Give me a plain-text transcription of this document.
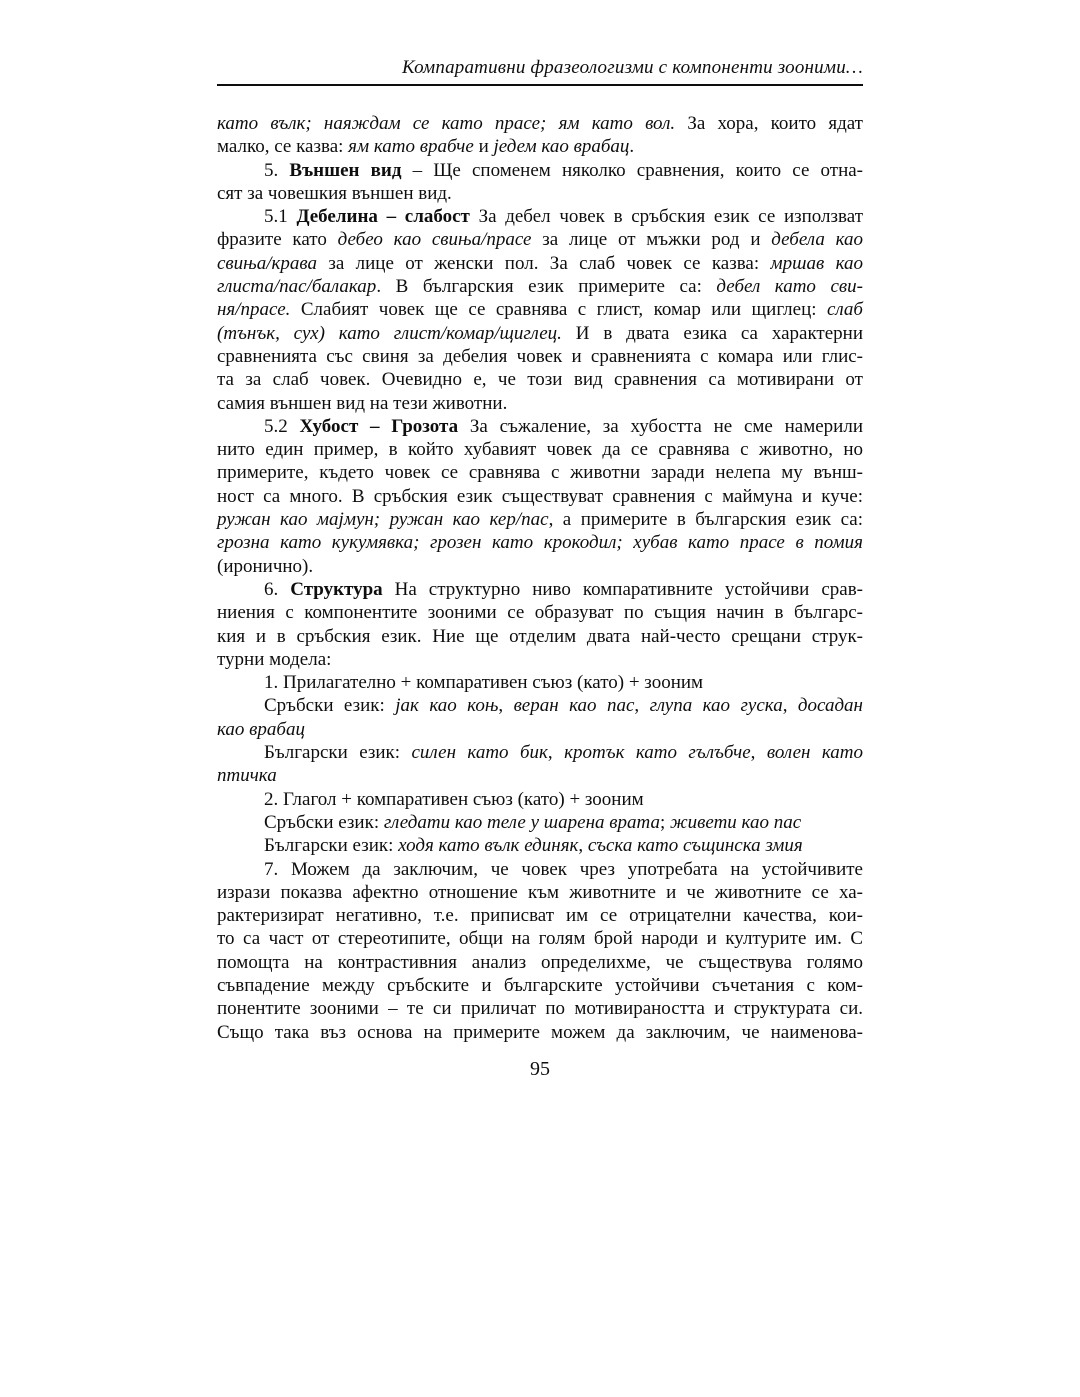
Компаративни фразеологизми с компоненти зооними…
като вълк; наяждам се като прасе; ям като вол. За хора, които ядат
малко, се казва: ям като врабче и једем као врабац.
5. Външен вид – Ще споменем няколко сравнения, които се отна-
сят за човешкия външен вид.
5.1 Дебелина – слабост За дебел човек в сръбския език се използват
фразите като дебео као свиња/прасе за лице от мъжки род и дебела као
свиња/крава за лице от женски пол. За слаб човек се казва: мршав као
глиста/пас/балакар. В българския език примерите са: дебел като сви-
ня/прасе. Слабият човек ще се сравнява с глист, комар или щиглец: слаб
(тънък, сух) като глист/комар/щиглец. И в двата езика са характерни
сравненията със свиня за дебелия човек и сравненията с комара или глис-
та за слаб човек. Очевидно е, че този вид сравнения са мотивирани от
самия външен вид на тези животни.
5.2 Хубост – Грозота За съжаление, за хубостта не сме намерили
нито един пример, в който хубавият човек да се сравнява с животно, но
примерите, където човек се сравнява с животни заради нелепа му външ-
ност са много. В сръбския език съществуват сравнения с маймуна и куче:
ружан као мајмун; ружан као кер/пас, а примерите в българския език са:
грозна като кукумявка; грозен като крокодил; хубав като прасе в помия
(иронично).
6. Структура На структурно ниво компаративните устойчиви срав-
ниения с компонентите зооними се образуват по същия начин в българс-
кия и в сръбския език. Ние ще отделим двата най-често срещани струк-
турни модела:
1. Прилагателно + компаративен съюз (като) + зооним
Сръбски език: јак као коњ, веран као пас, глупа као гуска, досадан
као врабац
Български език: силен като бик, кротък като гълъбче, волен като
птичка
2. Глагол + компаративен съюз (като) + зооним
Сръбски език: гледати као теле у шарена врата; живети као пас
Български език: ходя като вълк единяк, съска като същинска змия
7. Можем да заключим, че човек чрез употребата на устойчивите
изрази показва афектно отношение към животните и че животните се ха-
рактеризират негативно, т.е. приписват им се отрицателни качества, кои-
то са част от стереотипите, общи на голям брой народи и културите им. С
помощта на контрастивния анализ определихме, че съществува голямо
съвпадение между сръбските и българските устойчиви съчетания с ком-
понентите зооними – те си приличат по мотивираността и структурата си.
Също така въз основа на примерите можем да заключим, че наименова-
95
